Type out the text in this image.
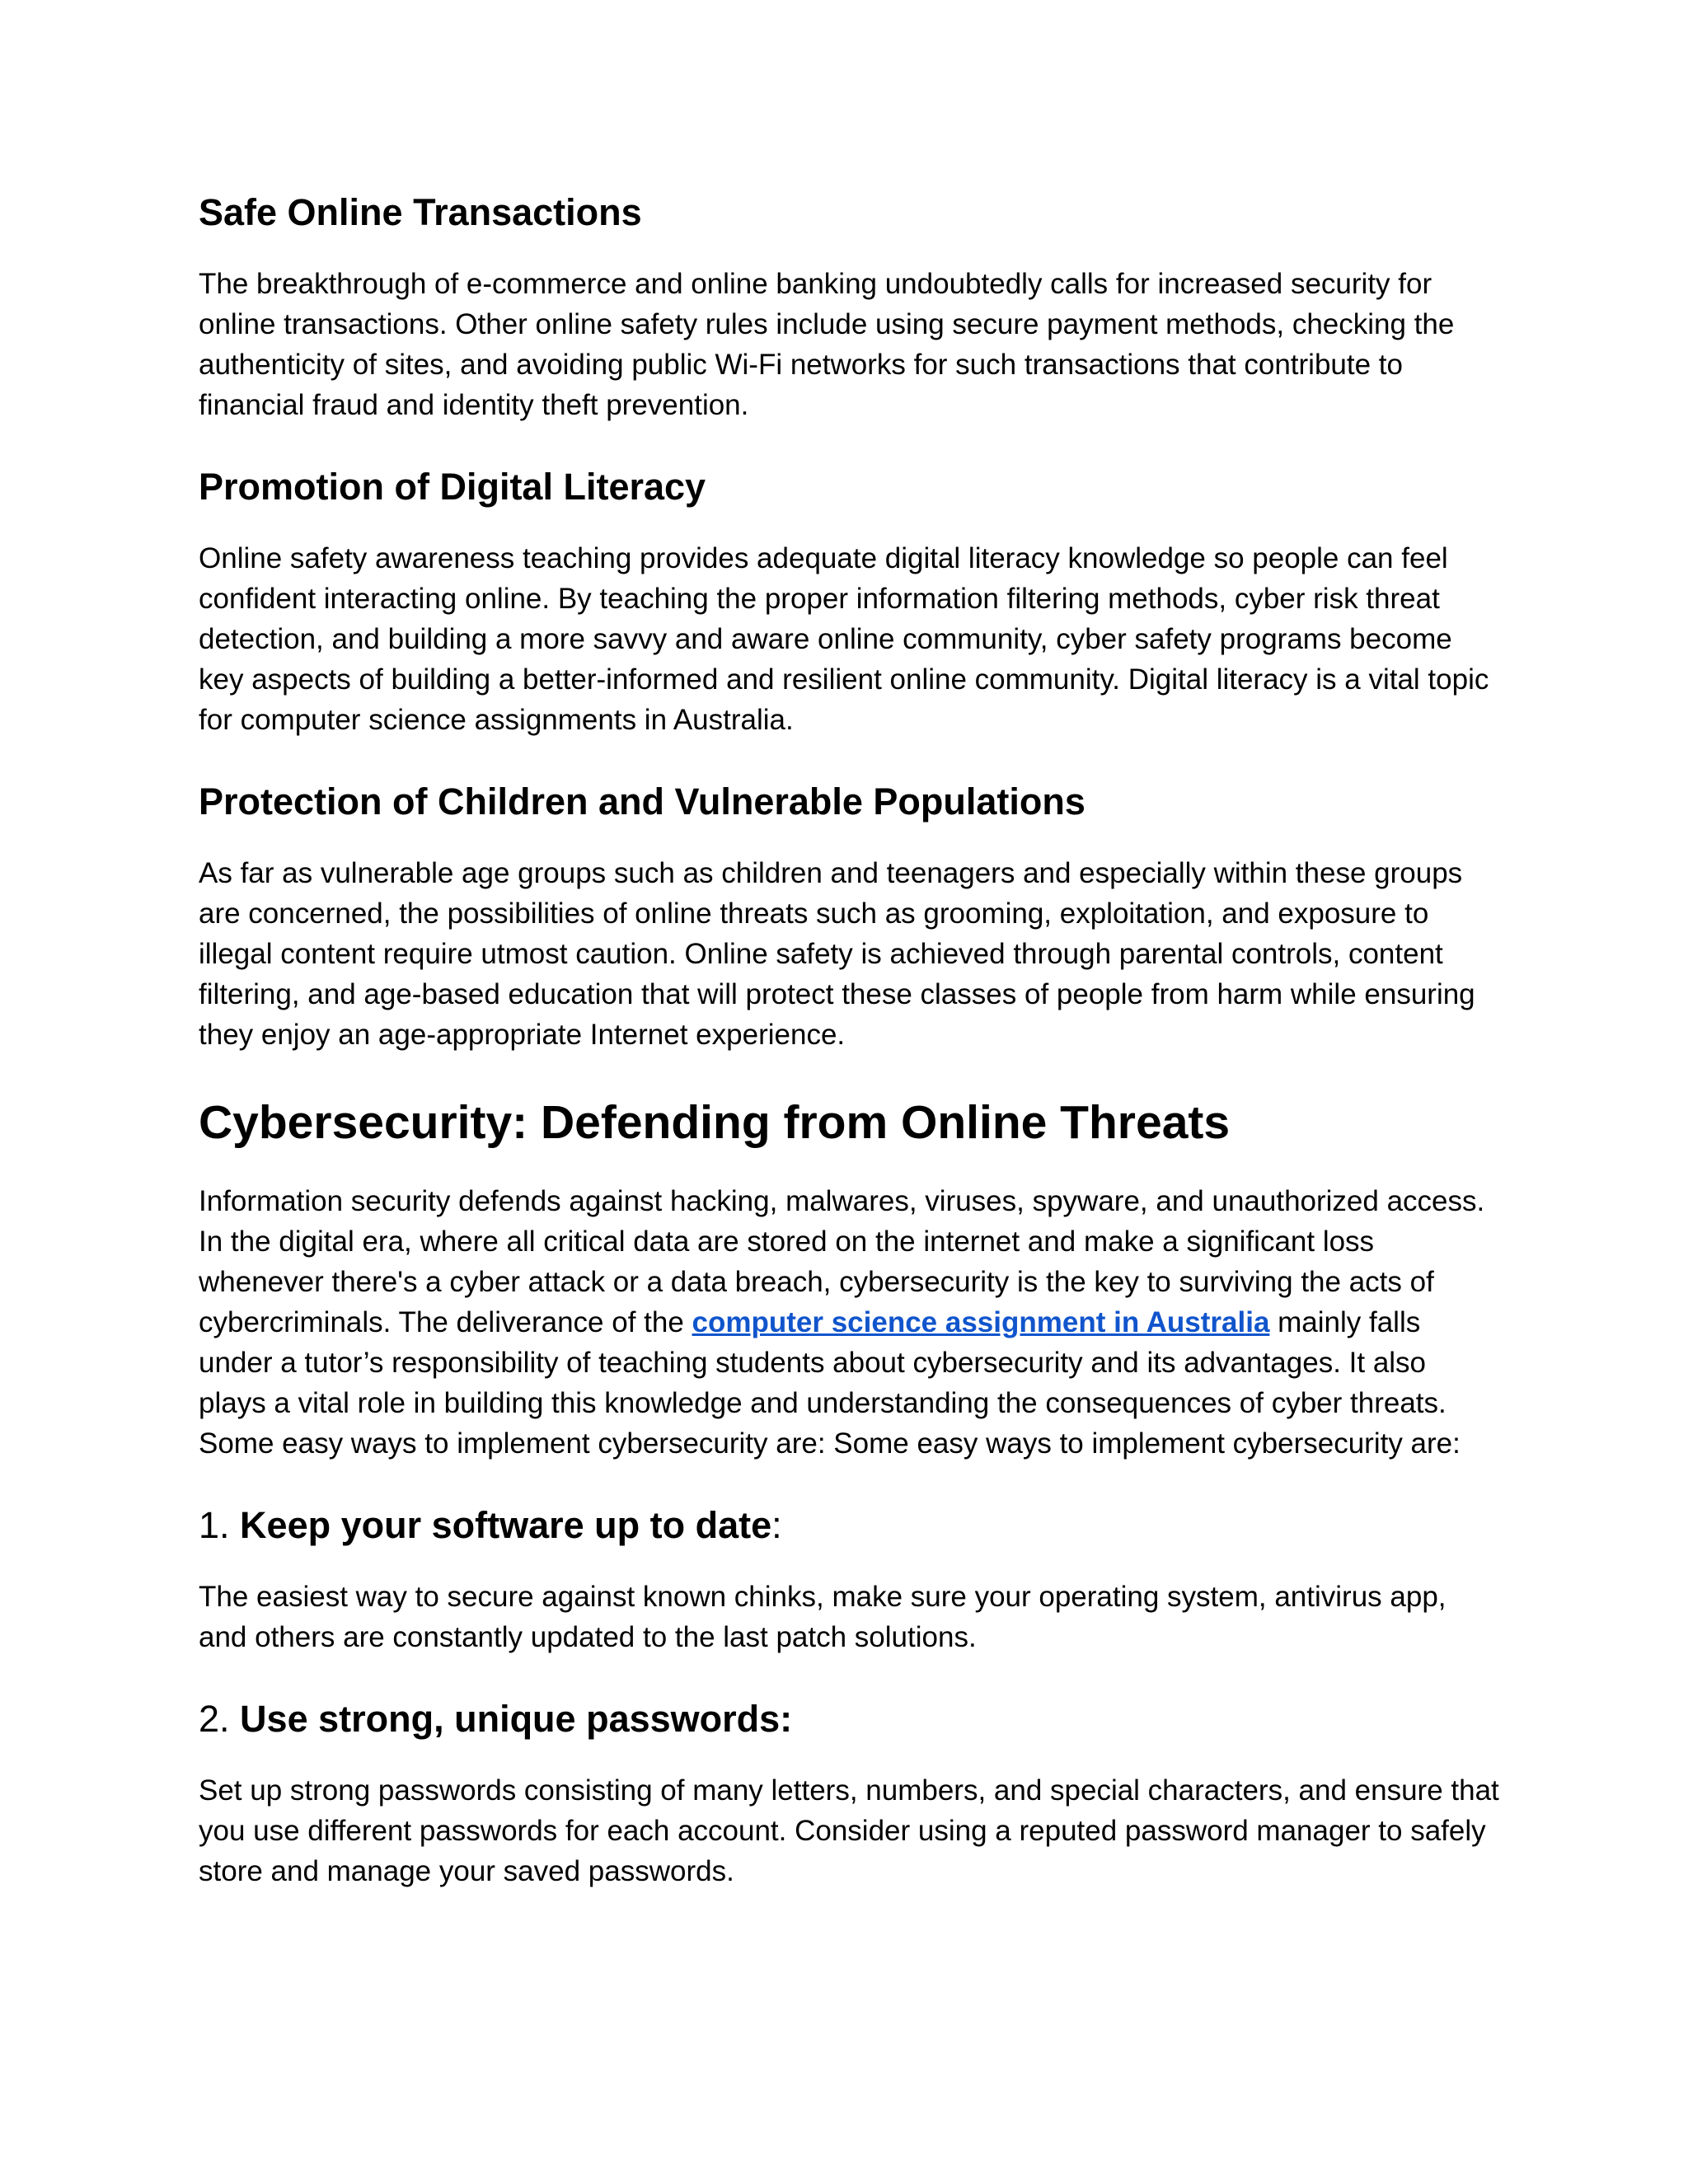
Safe Online Transactions

The breakthrough of e-commerce and online banking undoubtedly calls for increased security for online transactions. Other online safety rules include using secure payment methods, checking the authenticity of sites, and avoiding public Wi-Fi networks for such transactions that contribute to financial fraud and identity theft prevention.

Promotion of Digital Literacy

Online safety awareness teaching provides adequate digital literacy knowledge so people can feel confident interacting online. By teaching the proper information filtering methods, cyber risk threat detection, and building a more savvy and aware online community, cyber safety programs become key aspects of building a better-informed and resilient online community. Digital literacy is a vital topic for computer science assignments in Australia.

Protection of Children and Vulnerable Populations

As far as vulnerable age groups such as children and teenagers and especially within these groups are concerned, the possibilities of online threats such as grooming, exploitation, and exposure to illegal content require utmost caution. Online safety is achieved through parental controls, content filtering, and age-based education that will protect these classes of people from harm while ensuring they enjoy an age-appropriate Internet experience.

Cybersecurity: Defending from Online Threats

Information security defends against hacking, malwares, viruses, spyware, and unauthorized access. In the digital era, where all critical data are stored on the internet and make a significant loss whenever there's a cyber attack or a data breach, cybersecurity is the key to surviving the acts of cybercriminals. The deliverance of the computer science assignment in Australia mainly falls under a tutor’s responsibility of teaching students about cybersecurity and its advantages. It also plays a vital role in building this knowledge and understanding the consequences of cyber threats. Some easy ways to implement cybersecurity are: Some easy ways to implement cybersecurity are:

1. Keep your software up to date:

The easiest way to secure against known chinks, make sure your operating system, antivirus app, and others are constantly updated to the last patch solutions.

2. Use strong, unique passwords:

Set up strong passwords consisting of many letters, numbers, and special characters, and ensure that you use different passwords for each account. Consider using a reputed password manager to safely store and manage your saved passwords.
